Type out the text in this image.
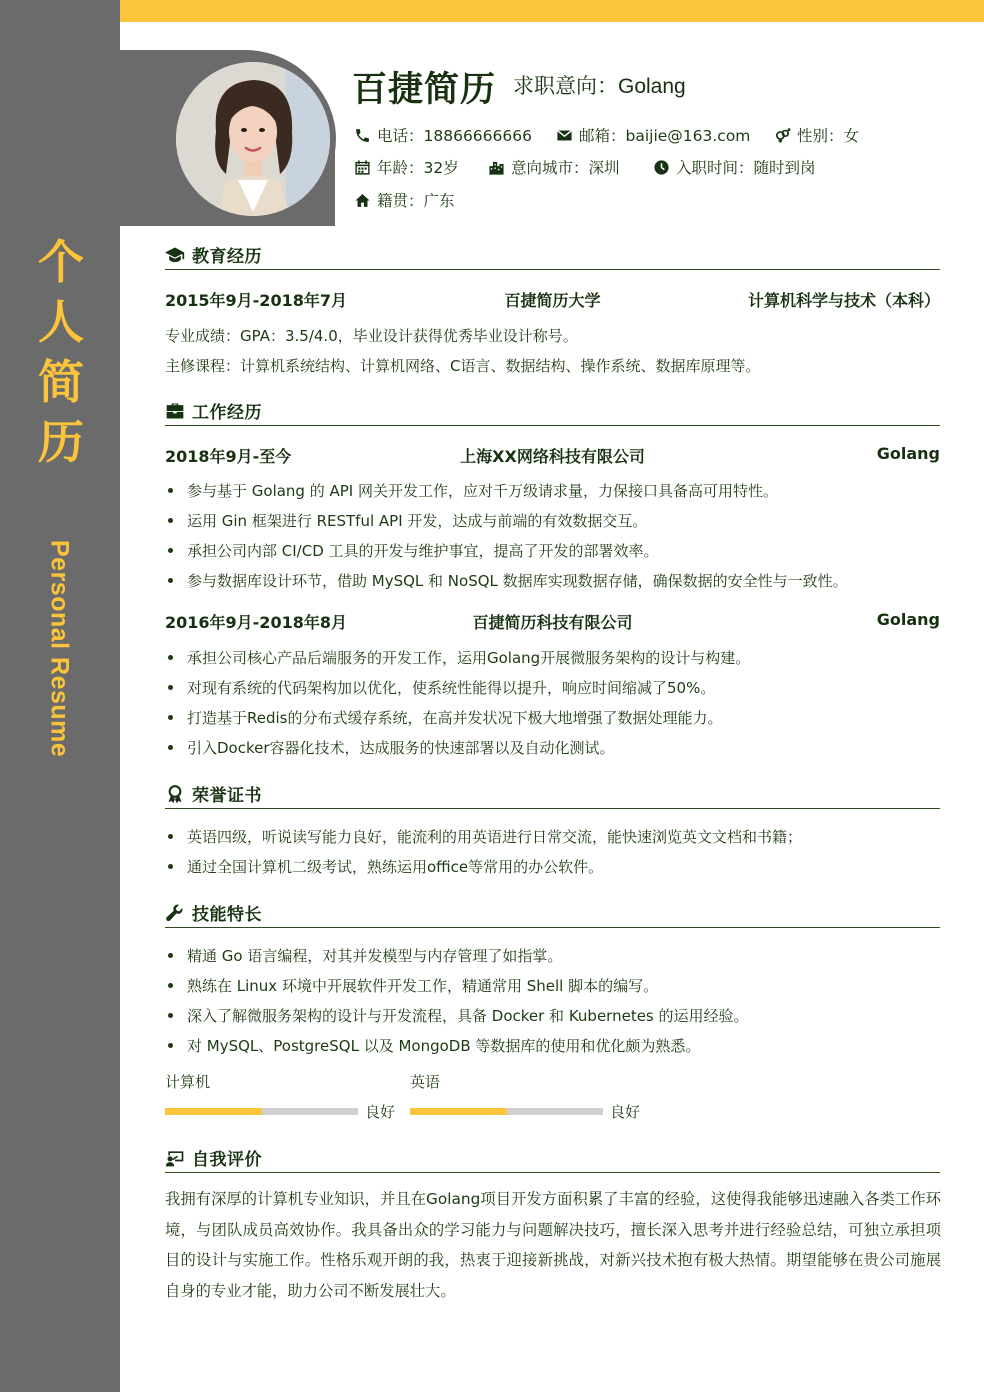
个人简历
Personal Resume
百捷简历 求职意向：Golang
电话：18866666666	邮箱：baijie@163.com	性别：女
年龄：32岁	意向城市：深圳	入职时间：随时到岗
籍贯：广东
教育经历
2015年9月-2018年7月	百捷简历大学	计算机科学与技术（本科）
专业成绩：GPA：3.5/4.0，毕业设计获得优秀毕业设计称号。
主修课程：计算机系统结构、计算机网络、C语言、数据结构、操作系统、数据库原理等。
工作经历
2018年9月-至今	上海XX网络科技有限公司	Golang
参与基于 Golang 的 API 网关开发工作，应对千万级请求量，力保接口具备高可用特性。
运用 Gin 框架进行 RESTful API 开发，达成与前端的有效数据交互。
承担公司内部 CI/CD 工具的开发与维护事宜，提高了开发的部署效率。
参与数据库设计环节，借助 MySQL 和 NoSQL 数据库实现数据存储，确保数据的安全性与一致性。
2016年9月-2018年8月	百捷简历科技有限公司	Golang
承担公司核心产品后端服务的开发工作，运用Golang开展微服务架构的设计与构建。
对现有系统的代码架构加以优化，使系统性能得以提升，响应时间缩减了50%。
打造基于Redis的分布式缓存系统，在高并发状况下极大地增强了数据处理能力。
引入Docker容器化技术，达成服务的快速部署以及自动化测试。
荣誉证书
英语四级，听说读写能力良好，能流利的用英语进行日常交流，能快速浏览英文文档和书籍；
通过全国计算机二级考试，熟练运用office等常用的办公软件。
技能特长
精通 Go 语言编程，对其并发模型与内存管理了如指掌。
熟练在 Linux 环境中开展软件开发工作，精通常用 Shell 脚本的编写。
深入了解微服务架构的设计与开发流程，具备 Docker 和 Kubernetes 的运用经验。
对 MySQL、PostgreSQL 以及 MongoDB 等数据库的使用和优化颇为熟悉。
计算机
良好
英语
良好
自我评价
我拥有深厚的计算机专业知识，并且在Golang项目开发方面积累了丰富的经验，这使得我能够迅速融入各类工作环境，与团队成员高效协作。我具备出众的学习能力与问题解决技巧，擅长深入思考并进行经验总结，可独立承担项目的设计与实施工作。性格乐观开朗的我，热衷于迎接新挑战，对新兴技术抱有极大热情。期望能够在贵公司施展自身的专业才能，助力公司不断发展壮大。
